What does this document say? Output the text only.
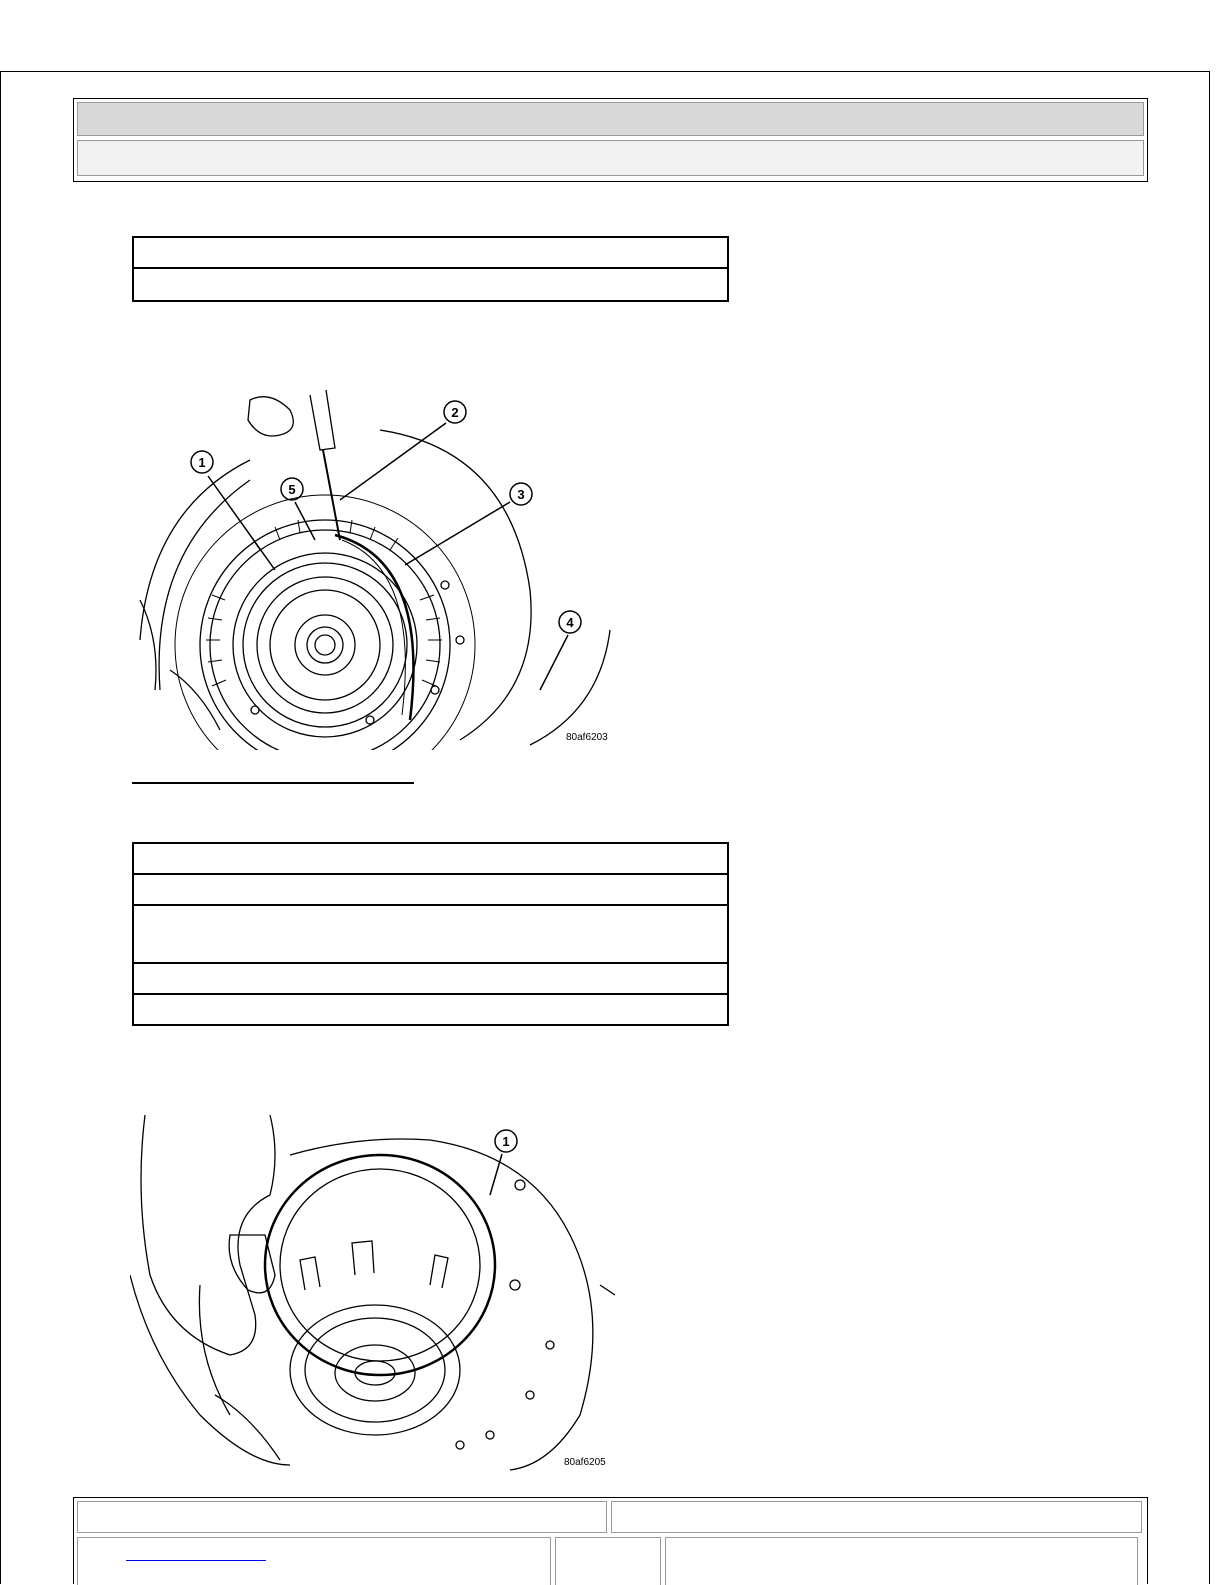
1
2
3
4
5
80af6203
1
80af6205
